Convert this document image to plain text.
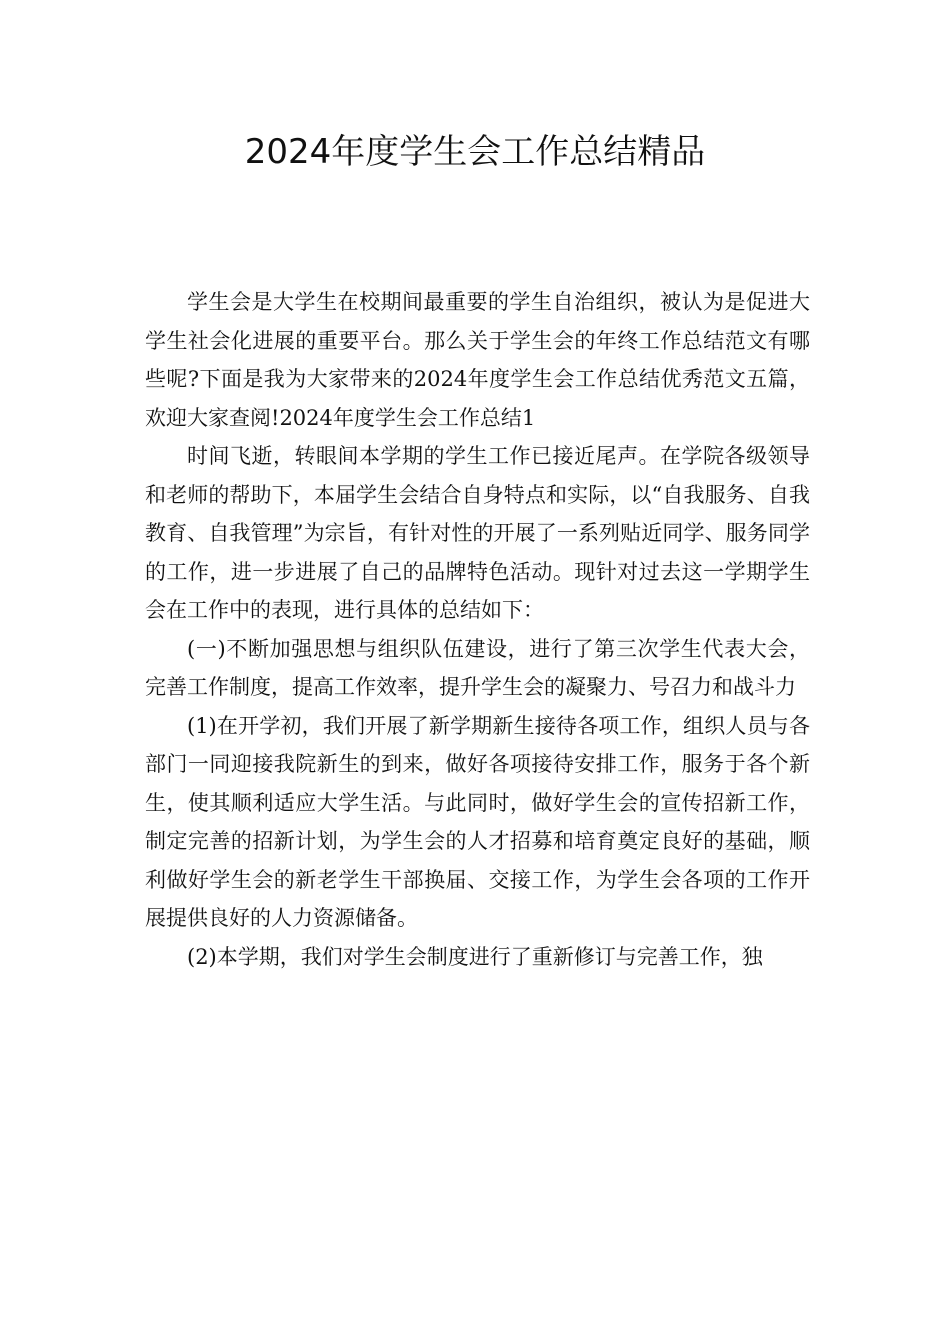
2024年度学生会工作总结精品

学生会是大学生在校期间最重要的学生自治组织，被认为是促进大学生社会化进展的重要平台。那么关于学生会的年终工作总结范文有哪些呢?下面是我为大家带来的2024年度学生会工作总结优秀范文五篇，欢迎大家查阅!2024年度学生会工作总结1

时间飞逝，转眼间本学期的学生工作已接近尾声。在学院各级领导和老师的帮助下，本届学生会结合自身特点和实际，以“自我服务、自我教育、自我管理”为宗旨，有针对性的开展了一系列贴近同学、服务同学的工作，进一步进展了自己的品牌特色活动。现针对过去这一学期学生会在工作中的表现，进行具体的总结如下：

(一)不断加强思想与组织队伍建设，进行了第三次学生代表大会，完善工作制度，提高工作效率，提升学生会的凝聚力、号召力和战斗力

(1)在开学初，我们开展了新学期新生接待各项工作，组织人员与各部门一同迎接我院新生的到来，做好各项接待安排工作，服务于各个新生，使其顺利适应大学生活。与此同时，做好学生会的宣传招新工作，制定完善的招新计划，为学生会的人才招募和培育奠定良好的基础，顺利做好学生会的新老学生干部换届、交接工作，为学生会各项的工作开展提供良好的人力资源储备。

(2)本学期，我们对学生会制度进行了重新修订与完善工作，独
